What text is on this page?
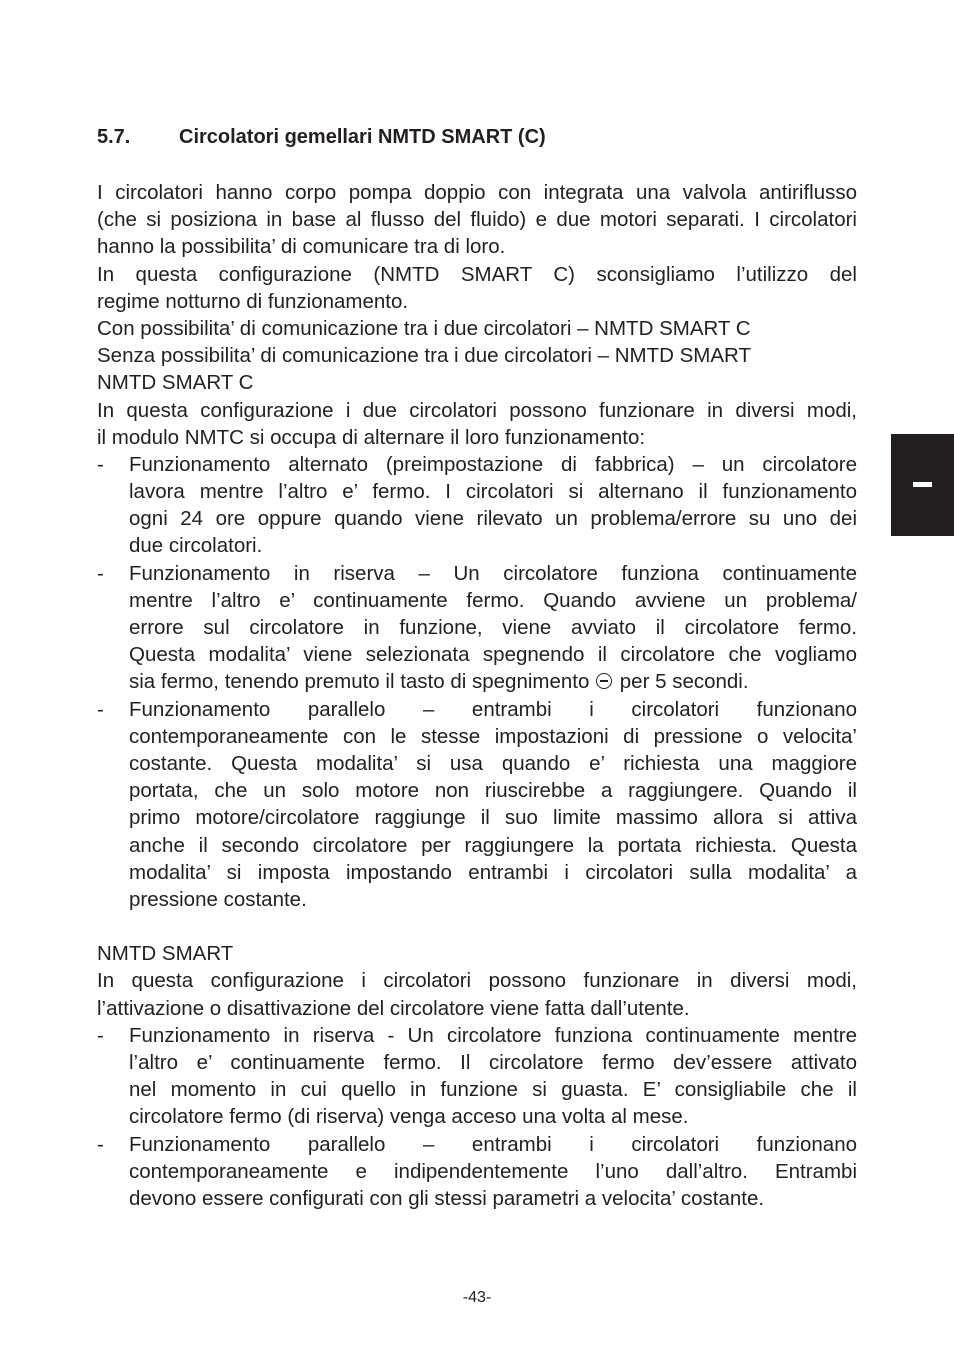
5.7. Circolatori gemellari NMTD SMART (C)
I circolatori hanno corpo pompa doppio con integrata una valvola antiriflusso
(che si posiziona in base al flusso del fluido) e due motori separati. I circolatori
hanno la possibilita’ di comunicare tra di loro.
In questa configurazione (NMTD SMART C) sconsigliamo l’utilizzo del
regime notturno di funzionamento.
Con possibilita’ di comunicazione tra i due circolatori – NMTD SMART C
Senza possibilita’ di comunicazione tra i due circolatori – NMTD SMART
NMTD SMART C
In questa configurazione i due circolatori possono funzionare in diversi modi,
il modulo NMTC si occupa di alternare il loro funzionamento:
- Funzionamento alternato (preimpostazione di fabbrica) – un circolatore
lavora mentre l’altro e’ fermo. I circolatori si alternano il funzionamento
ogni 24 ore oppure quando viene rilevato un problema/errore su uno dei
due circolatori.
- Funzionamento in riserva – Un circolatore funziona continuamente
mentre l’altro e’ continuamente fermo. Quando avviene un problema/
errore sul circolatore in funzione, viene avviato il circolatore fermo.
Questa modalita’ viene selezionata spegnendo il circolatore che vogliamo
sia fermo, tenendo premuto il tasto di spegnimento per 5 secondi.
- Funzionamento parallelo – entrambi i circolatori funzionano
contemporaneamente con le stesse impostazioni di pressione o velocita’
costante. Questa modalita’ si usa quando e’ richiesta una maggiore
portata, che un solo motore non riuscirebbe a raggiungere. Quando il
primo motore/circolatore raggiunge il suo limite massimo allora si attiva
anche il secondo circolatore per raggiungere la portata richiesta. Questa
modalita’ si imposta impostando entrambi i circolatori sulla modalita’ a
pressione costante.
NMTD SMART
In questa configurazione i circolatori possono funzionare in diversi modi,
l’attivazione o disattivazione del circolatore viene fatta dall’utente.
- Funzionamento in riserva - Un circolatore funziona continuamente mentre
l’altro e’ continuamente fermo. Il circolatore fermo dev’essere attivato
nel momento in cui quello in funzione si guasta. E’ consigliabile che il
circolatore fermo (di riserva) venga acceso una volta al mese.
- Funzionamento parallelo – entrambi i circolatori funzionano
contemporaneamente e indipendentemente l’uno dall’altro. Entrambi
devono essere configurati con gli stessi parametri a velocita’ costante.
-43-
